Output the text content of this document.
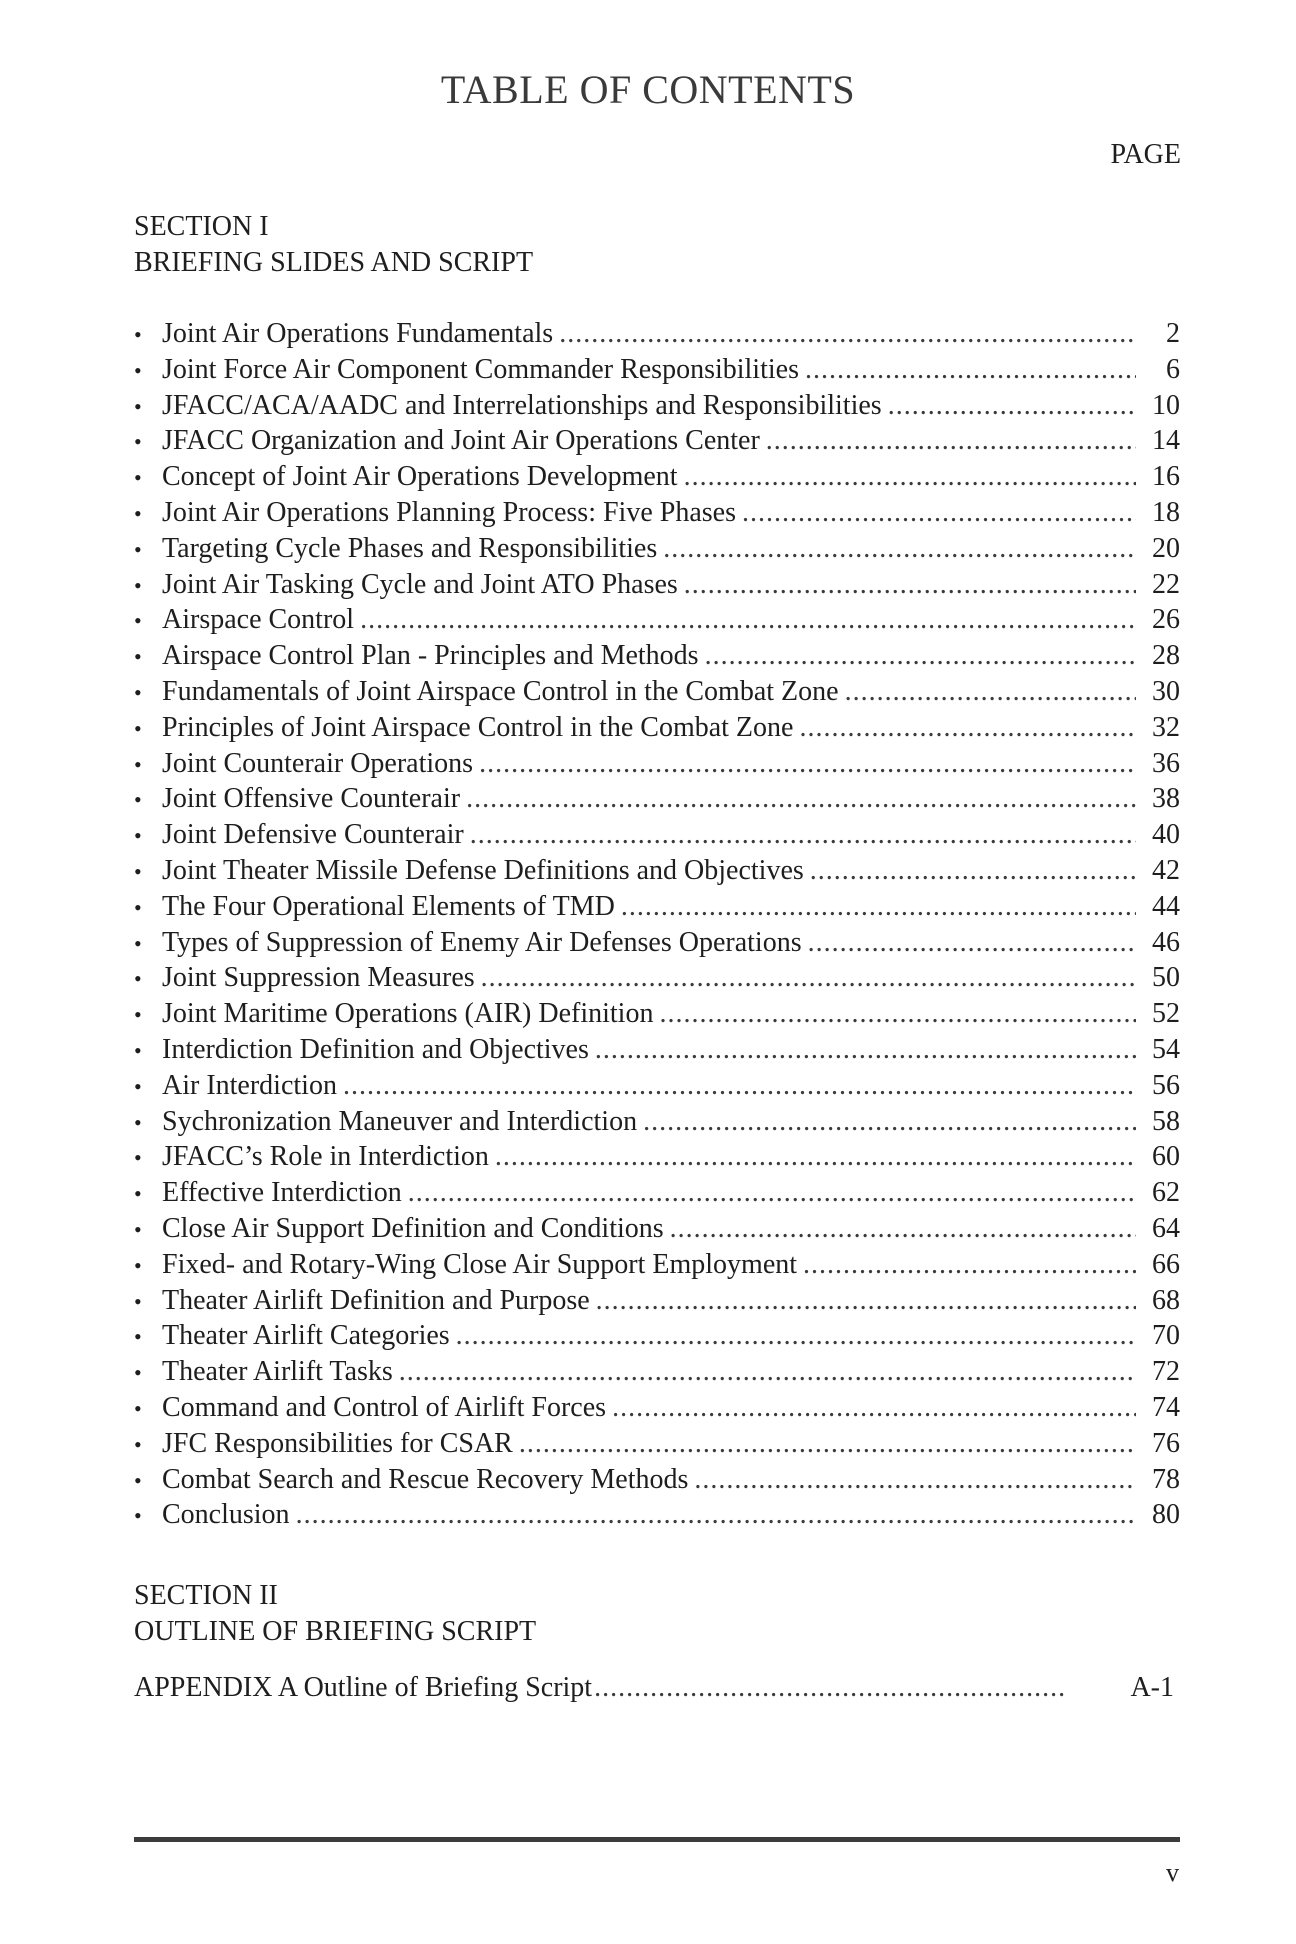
TABLE OF CONTENTS
PAGE
SECTION I
BRIEFING SLIDES AND SCRIPT
• Joint Air Operations Fundamentals .....	2
• Joint Force Air Component Commander Responsibilities .....	6
• JFACC/ACA/AADC and Interrelationships and Responsibilities .....	10
• JFACC Organization and Joint Air Operations Center .....	14
• Concept of Joint Air Operations Development .....	16
• Joint Air Operations Planning Process: Five Phases .....	18
• Targeting Cycle Phases and Responsibilities .....	20
• Joint Air Tasking Cycle and Joint ATO Phases .....	22
• Airspace Control .....	26
• Airspace Control Plan - Principles and Methods .....	28
• Fundamentals of Joint Airspace Control in the Combat Zone .....	30
• Principles of Joint Airspace Control in the Combat Zone .....	32
• Joint Counterair Operations .....	36
• Joint Offensive Counterair .....	38
• Joint Defensive Counterair .....	40
• Joint Theater Missile Defense Definitions and Objectives .....	42
• The Four Operational Elements of TMD .....	44
• Types of Suppression of Enemy Air Defenses Operations .....	46
• Joint Suppression Measures .....	50
• Joint Maritime Operations (AIR) Definition .....	52
• Interdiction Definition and Objectives .....	54
• Air Interdiction .....	56
• Sychronization Maneuver and Interdiction .....	58
• JFACC’s Role in Interdiction .....	60
• Effective Interdiction .....	62
• Close Air Support Definition and Conditions .....	64
• Fixed- and Rotary-Wing Close Air Support Employment .....	66
• Theater Airlift Definition and Purpose .....	68
• Theater Airlift Categories .....	70
• Theater Airlift Tasks .....	72
• Command and Control of Airlift Forces .....	74
• JFC Responsibilities for CSAR .....	76
• Combat Search and Rescue Recovery Methods .....	78
• Conclusion .....	80
SECTION II
OUTLINE OF BRIEFING SCRIPT
APPENDIX A Outline of Briefing Script .....	A-1
v
